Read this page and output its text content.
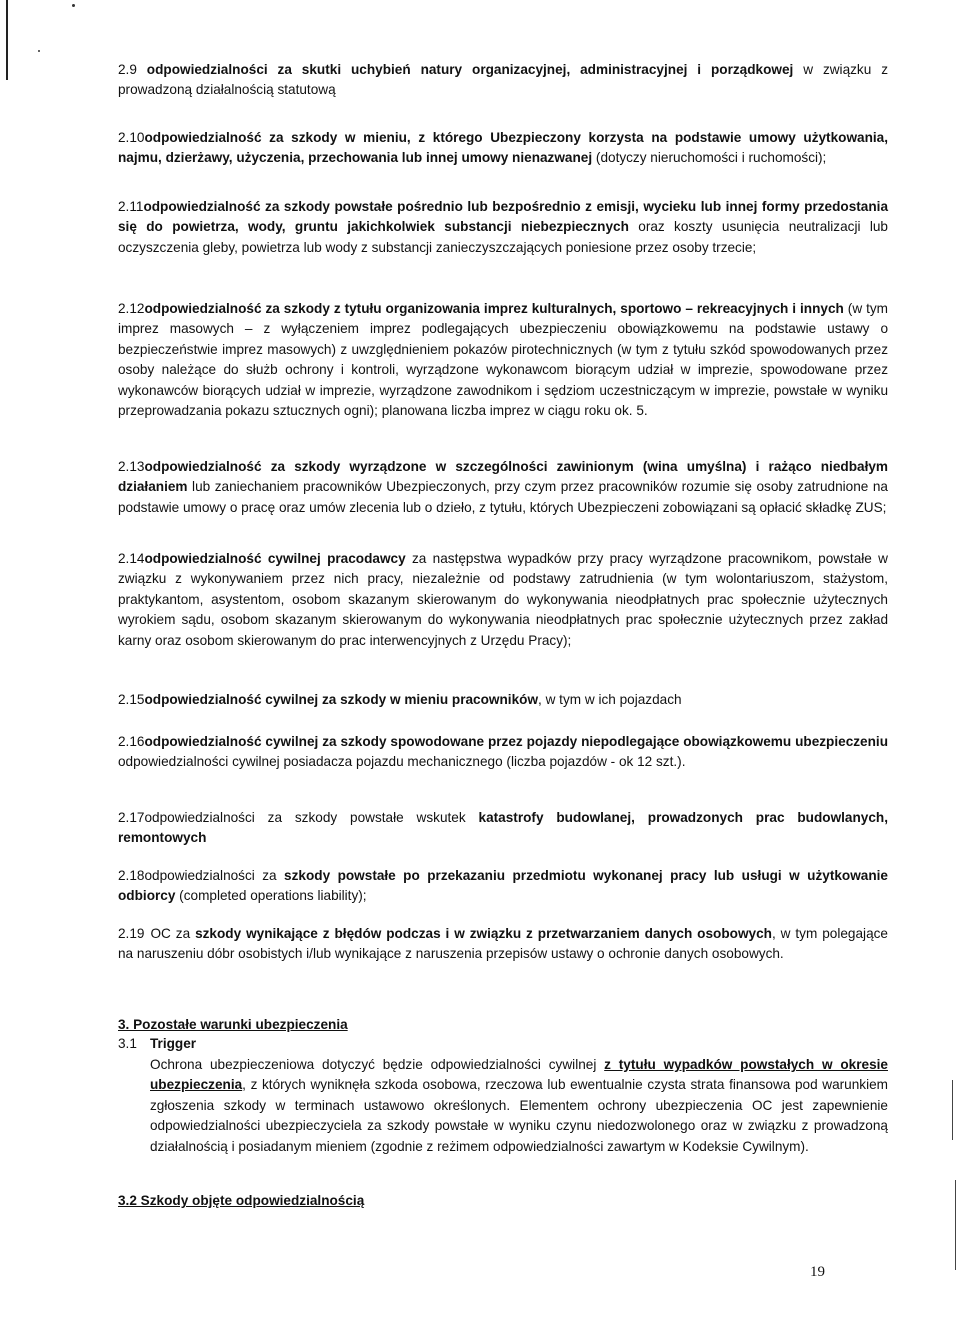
2.9 odpowiedzialności za skutki uchybień natury organizacyjnej, administracyjnej i porządkowej w związku z prowadzoną działalnością statutową
2.10odpowiedzialność za szkody w mieniu, z którego Ubezpieczony korzysta na podstawie umowy użytkowania, najmu, dzierżawy, użyczenia, przechowania lub innej umowy nienazwanej (dotyczy nieruchomości i ruchomości);
2.11odpowiedzialność za szkody powstałe pośrednio lub bezpośrednio z emisji, wycieku lub innej formy przedostania się do powietrza, wody, gruntu jakichkolwiek substancji niebezpiecznych oraz koszty usunięcia neutralizacji lub oczyszczenia gleby, powietrza lub wody z substancji zanieczyszczających poniesione przez osoby trzecie;
2.12odpowiedzialność za szkody z tytułu organizowania imprez kulturalnych, sportowo – rekreacyjnych i innych (w tym imprez masowych – z wyłączeniem imprez podlegających ubezpieczeniu obowiązkowemu na podstawie ustawy o bezpieczeństwie imprez masowych) z uwzględnieniem pokazów pirotechnicznych (w tym z tytułu szkód spowodowanych przez osoby należące do służb ochrony i kontroli, wyrządzone wykonawcom biorącym udział w imprezie, spowodowane przez wykonawców biorących udział w imprezie, wyrządzone zawodnikom i sędziom uczestniczącym w imprezie, powstałe w wyniku przeprowadzania pokazu sztucznych ogni); planowana liczba imprez w ciągu roku ok. 5.
2.13odpowiedzialność za szkody wyrządzone w szczególności zawinionym (wina umyślna) i rażąco niedbałym działaniem lub zaniechaniem pracowników Ubezpieczonych, przy czym przez pracowników rozumie się osoby zatrudnione na podstawie umowy o pracę oraz umów zlecenia lub o dzieło, z tytułu, których Ubezpieczeni zobowiązani są opłacić składkę ZUS;
2.14odpowiedzialność cywilnej pracodawcy za następstwa wypadków przy pracy wyrządzone pracownikom, powstałe w związku z wykonywaniem przez nich pracy, niezależnie od podstawy zatrudnienia (w tym wolontariuszom, stażystom, praktykantom, asystentom, osobom skazanym skierowanym do wykonywania nieodpłatnych prac społecznie użytecznych wyrokiem sądu, osobom skazanym skierowanym do wykonywania nieodpłatnych prac społecznie użytecznych przez zakład karny oraz osobom skierowanym do prac interwencyjnych z Urzędu Pracy);
2.15odpowiedzialność cywilnej za szkody w mieniu pracowników, w tym w ich pojazdach
2.16odpowiedzialność cywilnej za szkody spowodowane przez pojazdy niepodlegające obowiązkowemu ubezpieczeniu odpowiedzialności cywilnej posiadacza pojazdu mechanicznego (liczba pojazdów - ok 12 szt.).
2.17odpowiedzialności za szkody powstałe wskutek katastrofy budowlanej, prowadzonych prac budowlanych, remontowych
2.18odpowiedzialności za szkody powstałe po przekazaniu przedmiotu wykonanej pracy lub usługi w użytkowanie odbiorcy (completed operations liability);
2.19 OC za szkody wynikające z błędów podczas i w związku z przetwarzaniem danych osobowych, w tym polegające na naruszeniu dóbr osobistych i/lub wynikające z naruszenia przepisów ustawy o ochronie danych osobowych.
3. Pozostałe warunki ubezpieczenia
3.1 Trigger
Ochrona ubezpieczeniowa dotyczyć będzie odpowiedzialności cywilnej z tytułu wypadków powstałych w okresie ubezpieczenia, z których wyniknęła szkoda osobowa, rzeczowa lub ewentualnie czysta strata finansowa pod warunkiem zgłoszenia szkody w terminach ustawowo określonych. Elementem ochrony ubezpieczenia OC jest zapewnienie odpowiedzialności ubezpieczyciela za szkody powstałe w wyniku czynu niedozwolonego oraz w związku z prowadzoną działalnością i posiadanym mieniem (zgodnie z reżimem odpowiedzialności zawartym w Kodeksie Cywilnym).
3.2 Szkody objęte odpowiedzialnością
19
